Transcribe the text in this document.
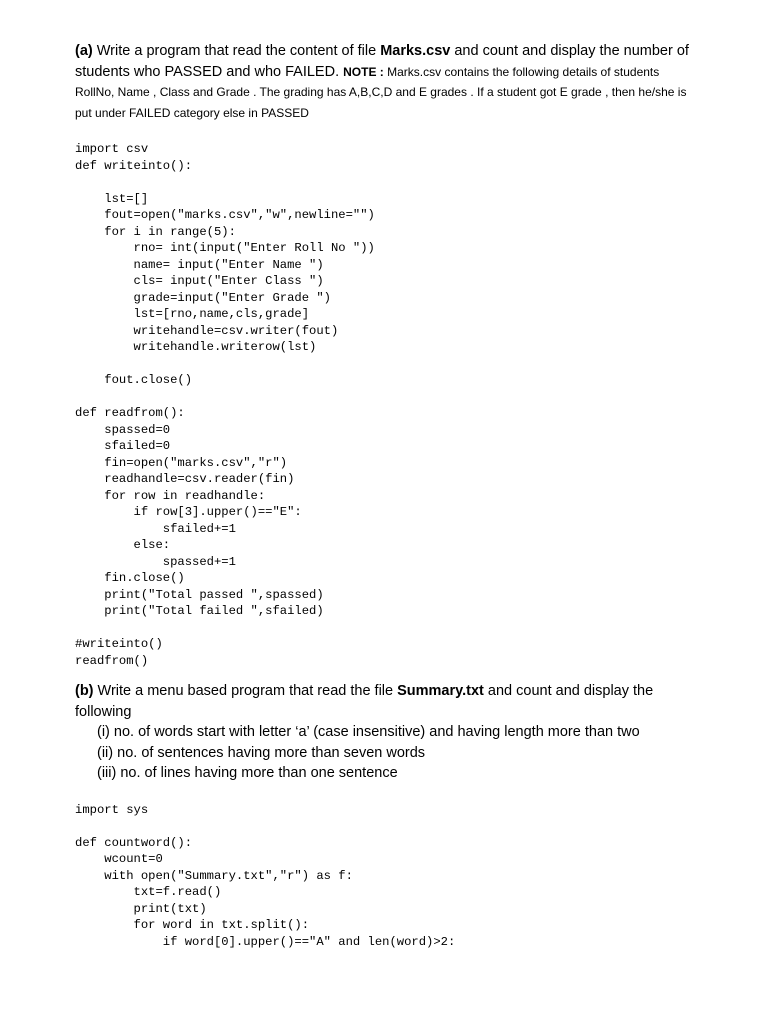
(a) Write a program that read the content of file Marks.csv and count and display the number of students who PASSED and who FAILED. NOTE : Marks.csv contains the following details of students RollNo, Name , Class and Grade . The grading has A,B,C,D and E grades . If a student got E grade , then he/she is put under FAILED category else in PASSED

import csv
def writeinto():

lst=[]
fout=open("marks.csv","w",newline="")
for i in range(5):
rno= int(input("Enter Roll No "))
name= input("Enter Name ")
cls= input("Enter Class ")
grade=input("Enter Grade ")
lst=[rno,name,cls,grade]
writehandle=csv.writer(fout)
writehandle.writerow(lst)

fout.close()

def readfrom():
spassed=0
sfailed=0
fin=open("marks.csv","r")
readhandle=csv.reader(fin)
for row in readhandle:
if row[3].upper()=="E":
sfailed+=1
else:
spassed+=1
fin.close()
print("Total passed ",spassed)
print("Total failed ",sfailed)

#writeinto()
readfrom()

(b) Write a menu based program that read the file Summary.txt and count and display the following

(i) no. of words start with letter ‘a’ (case insensitive) and having length more than two

(ii) no. of sentences having more than seven words

(iii) no. of lines having more than one sentence

import sys

def countword():
wcount=0
with open("Summary.txt","r") as f:
txt=f.read()
print(txt)
for word in txt.split():
if word[0].upper()=="A" and len(word)>2:
